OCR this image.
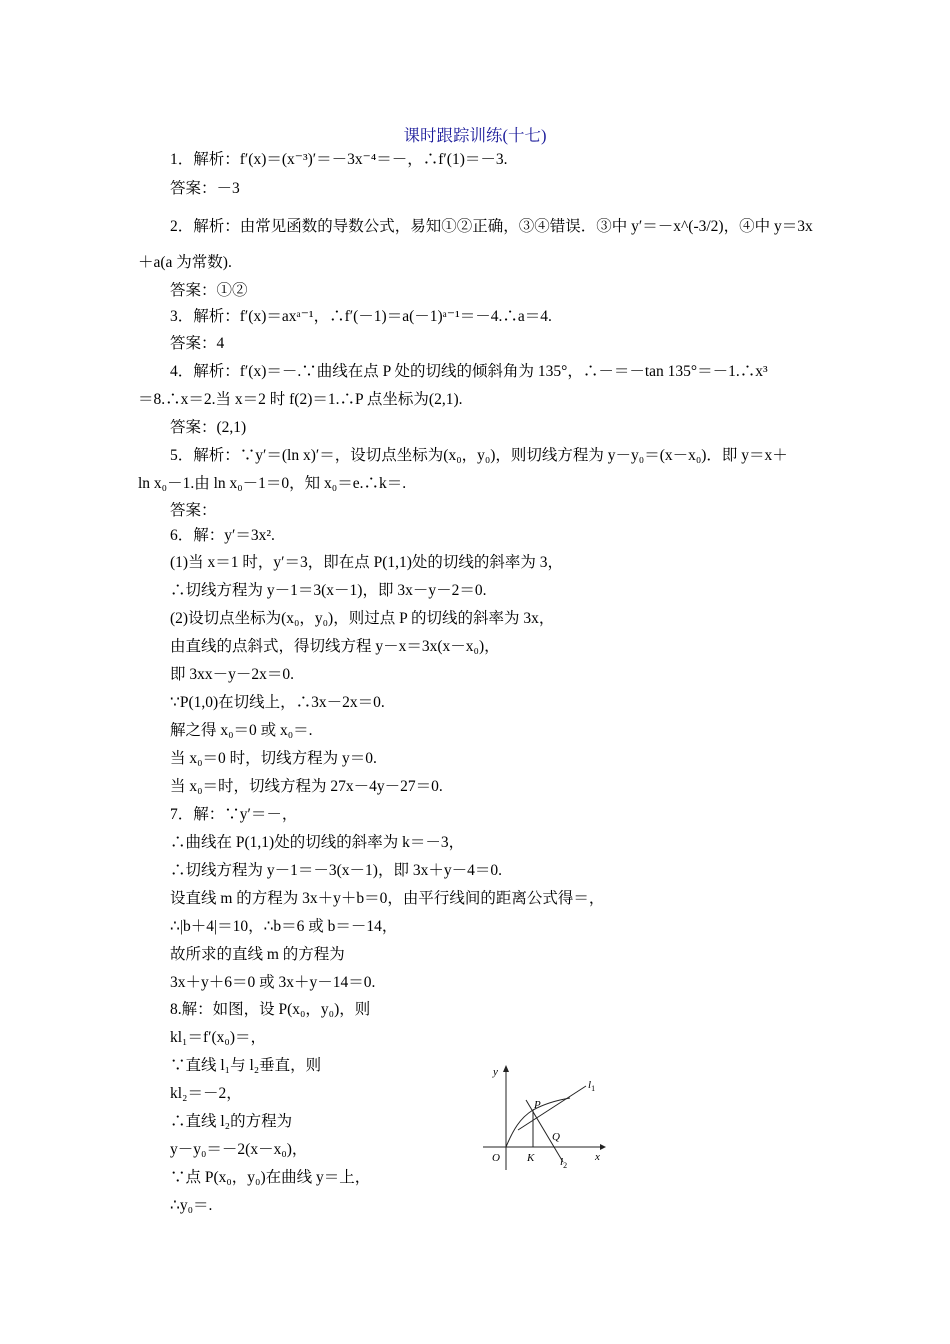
课时跟踪训练(十七)
1．解析：f′(x)＝(x⁻³)′＝－3x⁻⁴＝－，∴f′(1)＝－3.
答案：－3
2．解析：由常见函数的导数公式，易知①②正确，③④错误．③中 y′＝－x^(-3/2)，④中 y＝3x
＋a(a 为常数).
答案：①②
3．解析：f′(x)＝axᵃ⁻¹，∴f′(－1)＝a(－1)ᵃ⁻¹＝－4.∴a＝4.
答案：4
4．解析：f′(x)＝－.∵曲线在点 P 处的切线的倾斜角为 135°，∴－＝－tan 135°＝－1.∴x³
＝8.∴x＝2.当 x＝2 时 f(2)＝1.∴P 点坐标为(2,1).
答案：(2,1)
5．解析：∵y′＝(ln x)′＝，设切点坐标为(x₀，y₀)，则切线方程为 y－y₀＝(x－x₀)．即 y＝x＋
ln x₀－1.由 ln x₀－1＝0，知 x₀＝e.∴k＝.
答案：
6．解：y′＝3x².
(1)当 x＝1 时，y′＝3，即在点 P(1,1)处的切线的斜率为 3，
∴切线方程为 y－1＝3(x－1)，即 3x－y－2＝0.
(2)设切点坐标为(x₀，y₀)，则过点 P 的切线的斜率为 3x，
由直线的点斜式，得切线方程 y－x＝3x(x－x₀)，
即 3xx－y－2x＝0.
∵P(1,0)在切线上，∴3x－2x＝0.
解之得 x₀＝0 或 x₀＝.
当 x₀＝0 时，切线方程为 y＝0.
当 x₀＝时，切线方程为 27x－4y－27＝0.
7．解：∵y′＝－，
∴曲线在 P(1,1)处的切线的斜率为 k＝－3，
∴切线方程为 y－1＝－3(x－1)，即 3x＋y－4＝0.
设直线 m 的方程为 3x＋y＋b＝0，由平行线间的距离公式得＝，
∴|b＋4|＝10，∴b＝6 或 b＝－14，
故所求的直线 m 的方程为
3x＋y＋6＝0 或 3x＋y－14＝0.
8.解：如图，设 P(x₀，y₀)，则
kl₁＝f′(x₀)＝，
∵直线 l₁与 l₂垂直，则
kl₂＝－2，
∴直线 l₂的方程为
y－y₀＝－2(x－x₀)，
∵点 P(x₀，y₀)在曲线 y＝上，
∴y₀＝.
y
x
O K
P
Q
$l_1$
$l_2$
